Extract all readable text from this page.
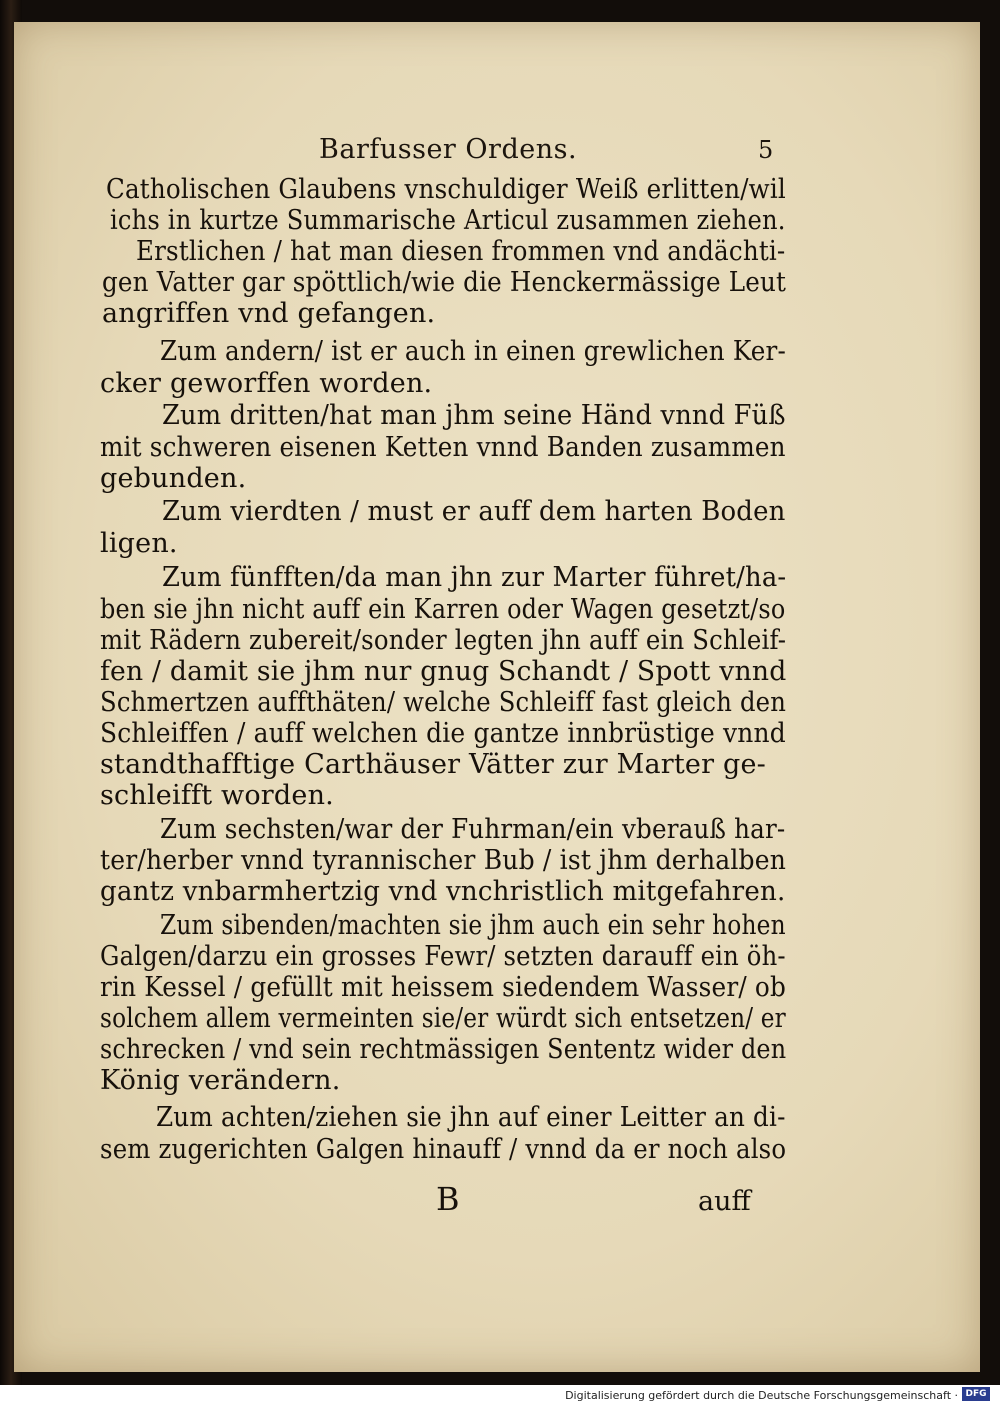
Barfusser Ordens.	5
Catholischen Glaubens vnschuldiger Weiß erlitten/wil
ichs in kurtze Summarische Articul zusammen ziehen.
Erstlichen / hat man diesen frommen vnd andächti-
gen Vatter gar spöttlich/wie die Henckermässige Leut
angriffen vnd gefangen.
Zum andern/ ist er auch in einen grewlichen Ker-
cker geworffen worden.
Zum dritten/hat man jhm seine Händ vnnd Füß
mit schweren eisenen Ketten vnnd Banden zusammen
gebunden.
Zum vierdten / must er auff dem harten Boden
ligen.
Zum fünfften/da man jhn zur Marter führet/ha-
ben sie jhn nicht auff ein Karren oder Wagen gesetzt/so
mit Rädern zubereit/sonder legten jhn auff ein Schleif-
fen / damit sie jhm nur gnug Schandt / Spott vnnd
Schmertzen auffthäten/ welche Schleiff fast gleich den
Schleiffen / auff welchen die gantze innbrüstige vnnd
standthafftige Carthäuser Vätter zur Marter ge-
schleifft worden.
Zum sechsten/war der Fuhrman/ein vberauß har-
ter/herber vnnd tyrannischer Bub / ist jhm derhalben
gantz vnbarmhertzig vnd vnchristlich mitgefahren.
Zum sibenden/machten sie jhm auch ein sehr hohen
Galgen/darzu ein grosses Fewr/ setzten darauff ein öh-
rin Kessel / gefüllt mit heissem siedendem Wasser/ ob
solchem allem vermeinten sie/er würdt sich entsetzen/ er
schrecken / vnd sein rechtmässigen Sententz wider den
König verändern.
Zum achten/ziehen sie jhn auf einer Leitter an di-
sem zugerichten Galgen hinauff / vnnd da er noch also
B	auff
Digitalisierung gefördert durch die Deutsche Forschungsgemeinschaft · DFG
